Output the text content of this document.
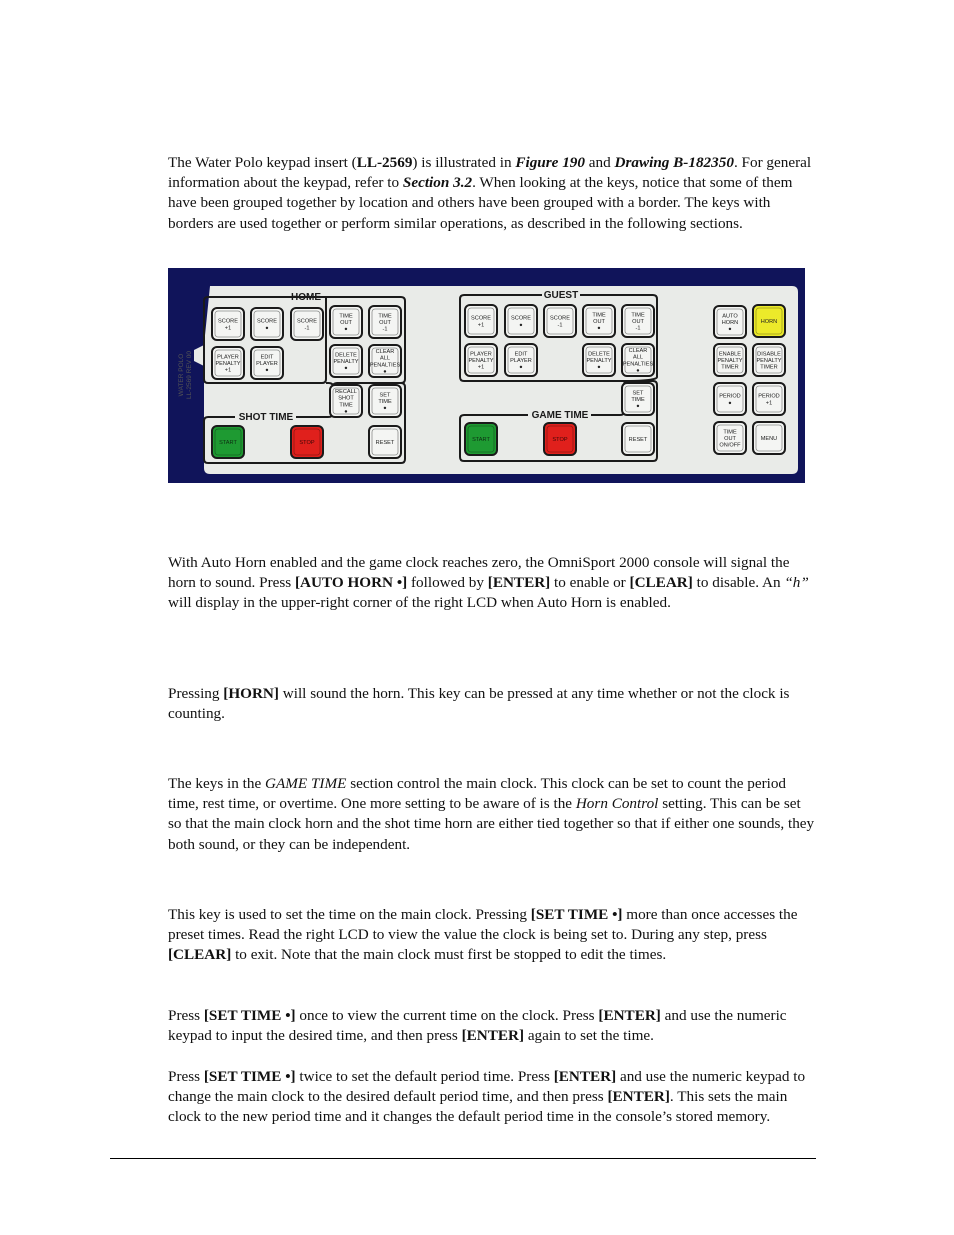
The Water Polo keypad insert (LL-2569) is illustrated in Figure 190 and Drawing B-182350. For general information about the keypad, refer to Section 3.2. When looking at the keys, notice that some of them have been grouped together by location and others have been grouped with a border. The keys with borders are used together or perform similar operations, as described in the following sections.
WATER POLO LL-2569 REV 00
HOME	GUEST
SHOT TIME	GAME TIME
SCORE
+1
SCORE
●
SCORE
-1
TIME
OUT
●
TIME
OUT
-1
PLAYER
PENALTY
+1
EDIT
PLAYER
●
DELETE
PENALTY
●
CLEAR
ALL
PENALTIES
●
RECALL
SHOT
TIME
●
SET
TIME
●
START	STOP	RESET
SCORE
+1
SCORE
●
SCORE
-1
TIME
OUT
●
TIME
OUT
-1
PLAYER
PENALTY
+1
EDIT
PLAYER
●
DELETE
PENALTY
●
CLEAR
ALL
PENALTIES
●
SET
TIME
●
START	STOP	RESET
AUTO
HORN
●
HORN
ENABLE
PENALTY
TIMER
DISABLE
PENALTY
TIMER
PERIOD
●
PERIOD
+1
TIME
OUT
ON/OFF
MENU
With Auto Horn enabled and the game clock reaches zero, the OmniSport 2000 console will signal the horn to sound. Press [AUTO HORN •] followed by [ENTER] to enable or [CLEAR] to disable. An “h” will display in the upper-right corner of the right LCD when Auto Horn is enabled.
Pressing [HORN] will sound the horn. This key can be pressed at any time whether or not the clock is counting.
The keys in the GAME TIME section control the main clock. This clock can be set to count the period time, rest time, or overtime. One more setting to be aware of is the Horn Control setting. This can be set so that the main clock horn and the shot time horn are either tied together so that if either one sounds, they both sound, or they can be independent.
This key is used to set the time on the main clock. Pressing [SET TIME •] more than once accesses the preset times. Read the right LCD to view the value the clock is being set to. During any step, press [CLEAR] to exit. Note that the main clock must first be stopped to edit the times.
Press [SET TIME •] once to view the current time on the clock. Press [ENTER] and use the numeric keypad to input the desired time, and then press [ENTER] again to set the time.
Press [SET TIME •] twice to set the default period time. Press [ENTER] and use the numeric keypad to change the main clock to the desired default period time, and then press [ENTER]. This sets the main clock to the new period time and it changes the default period time in the console’s stored memory.
